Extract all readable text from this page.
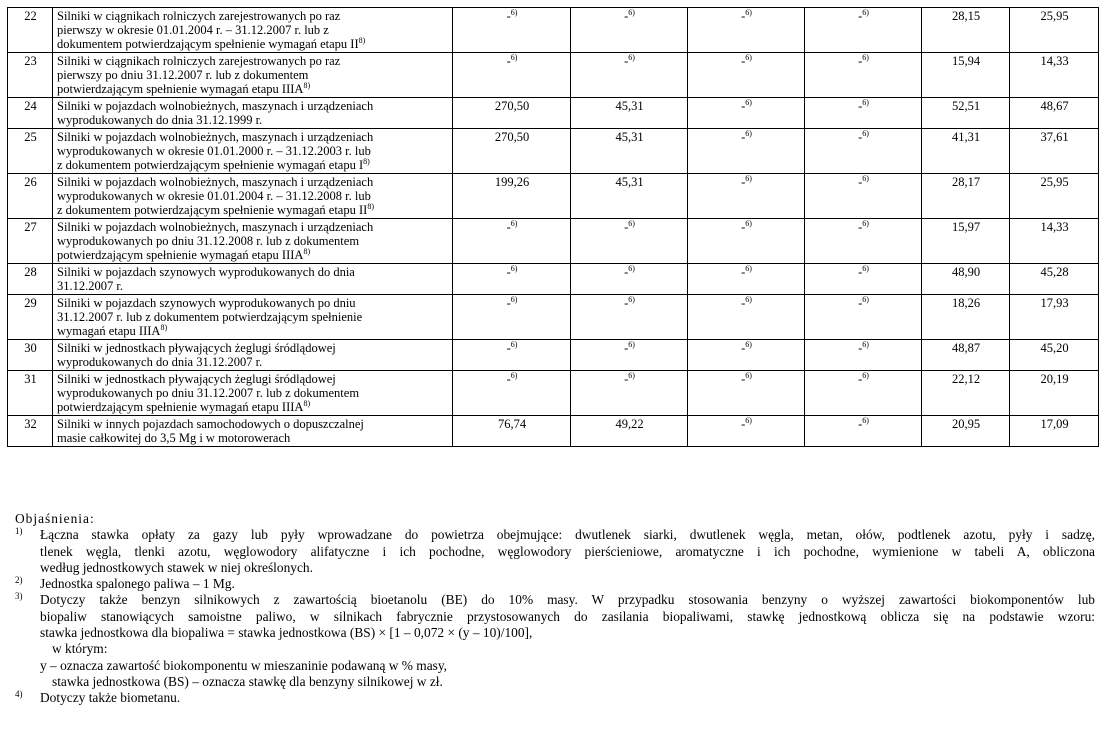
22	Silniki w ciągnikach rolniczych zarejestrowanych po raz
pierwszy w okresie 01.01.2004 r. – 31.12.2007 r. lub z
dokumentem potwierdzającym spełnienie wymagań etapu II$^{8)}$	-$^{6)}$	-$^{6)}$	-$^{6)}$	-$^{6)}$	28,15	25,95
23	Silniki w ciągnikach rolniczych zarejestrowanych po raz
pierwszy po dniu 31.12.2007 r. lub z dokumentem
potwierdzającym spełnienie wymagań etapu IIIA$^{8)}$	-$^{6)}$	-$^{6)}$	-$^{6)}$	-$^{6)}$	15,94	14,33
24	Silniki w pojazdach wolnobieżnych, maszynach i urządzeniach
wyprodukowanych do dnia 31.12.1999 r.	270,50	45,31	-$^{6)}$	-$^{6)}$	52,51	48,67
25	Silniki w pojazdach wolnobieżnych, maszynach i urządzeniach
wyprodukowanych w okresie 01.01.2000 r. – 31.12.2003 r. lub
z dokumentem potwierdzającym spełnienie wymagań etapu $I^{8)}$	270,50	45,31	-$^{6)}$	-$^{6)}$	41,31	37,61
26	Silniki w pojazdach wolnobieżnych, maszynach i urządzeniach
wyprodukowanych w okresie 01.01.2004 r. – 31.12.2008 r. lub
z dokumentem potwierdzającym spełnienie wymagań etapu II$^{8)}$	199,26	45,31	-$^{6)}$	-$^{6)}$	28,17	25,95
27	Silniki w pojazdach wolnobieżnych, maszynach i urządzeniach
wyprodukowanych po dniu 31.12.2008 r. lub z dokumentem
potwierdzającym spełnienie wymagań etapu IIIA$^{8)}$	-$^{6)}$	-$^{6)}$	-$^{6)}$	-$^{6)}$	15,97	14,33
28	Silniki w pojazdach szynowych wyprodukowanych do dnia
31.12.2007 r.	-$^{6)}$	-$^{6)}$	-$^{6)}$	-$^{6)}$	48,90	45,28
29	Silniki w pojazdach szynowych wyprodukowanych po dniu
31.12.2007 r. lub z dokumentem potwierdzającym spełnienie
wymagań etapu IIIA$^{8)}$	-$^{6)}$	-$^{6)}$	-$^{6)}$	-$^{6)}$	18,26	17,93
30	Silniki w jednostkach pływających żeglugi śródlądowej
wyprodukowanych do dnia 31.12.2007 r.	-$^{6)}$	-$^{6)}$	-$^{6)}$	-$^{6)}$	48,87	45,20
31	Silniki w jednostkach pływających żeglugi śródlądowej
wyprodukowanych po dniu 31.12.2007 r. lub z dokumentem
potwierdzającym spełnienie wymagań etapu IIIA$^{8)}$	-$^{6)}$	-$^{6)}$	-$^{6)}$	-$^{6)}$	22,12	20,19
32	Silniki w innych pojazdach samochodowych o dopuszczalnej
masie całkowitej do 3,5 Mg i w motorowerach	76,74	49,22	-$^{6)}$	-$^{6)}$	20,95	17,09
Objaśnienia:
1) Łączna stawka opłaty za gazy lub pyły wprowadzane do powietrza obejmujące: dwutlenek siarki, dwutlenek węgla, metan, ołów, podtlenek azotu, pyły i sadzę,
tlenek węgla, tlenki azotu, węglowodory alifatyczne i ich pochodne, węglowodory pierścieniowe, aromatyczne i ich pochodne, wymienione w tabeli A, obliczona
według jednostkowych stawek w niej określonych.
2) Jednostka spalonego paliwa – 1 Mg.
3) Dotyczy także benzyn silnikowych z zawartością bioetanolu (BE) do 10% masy. W przypadku stosowania benzyny o wyższej zawartości biokomponentów lub
biopaliw stanowiących samoistne paliwo, w silnikach fabrycznie przystosowanych do zasilania biopaliwami, stawkę jednostkową oblicza się na podstawie wzoru:
stawka jednostkowa dla biopaliwa = stawka jednostkowa (BS) × [1 – 0,072 × (y – 10)/100],
w którym:
y – oznacza zawartość biokomponentu w mieszaninie podawaną w % masy,
stawka jednostkowa (BS) – oznacza stawkę dla benzyny silnikowej w zł.
4) Dotyczy także biometanu.
